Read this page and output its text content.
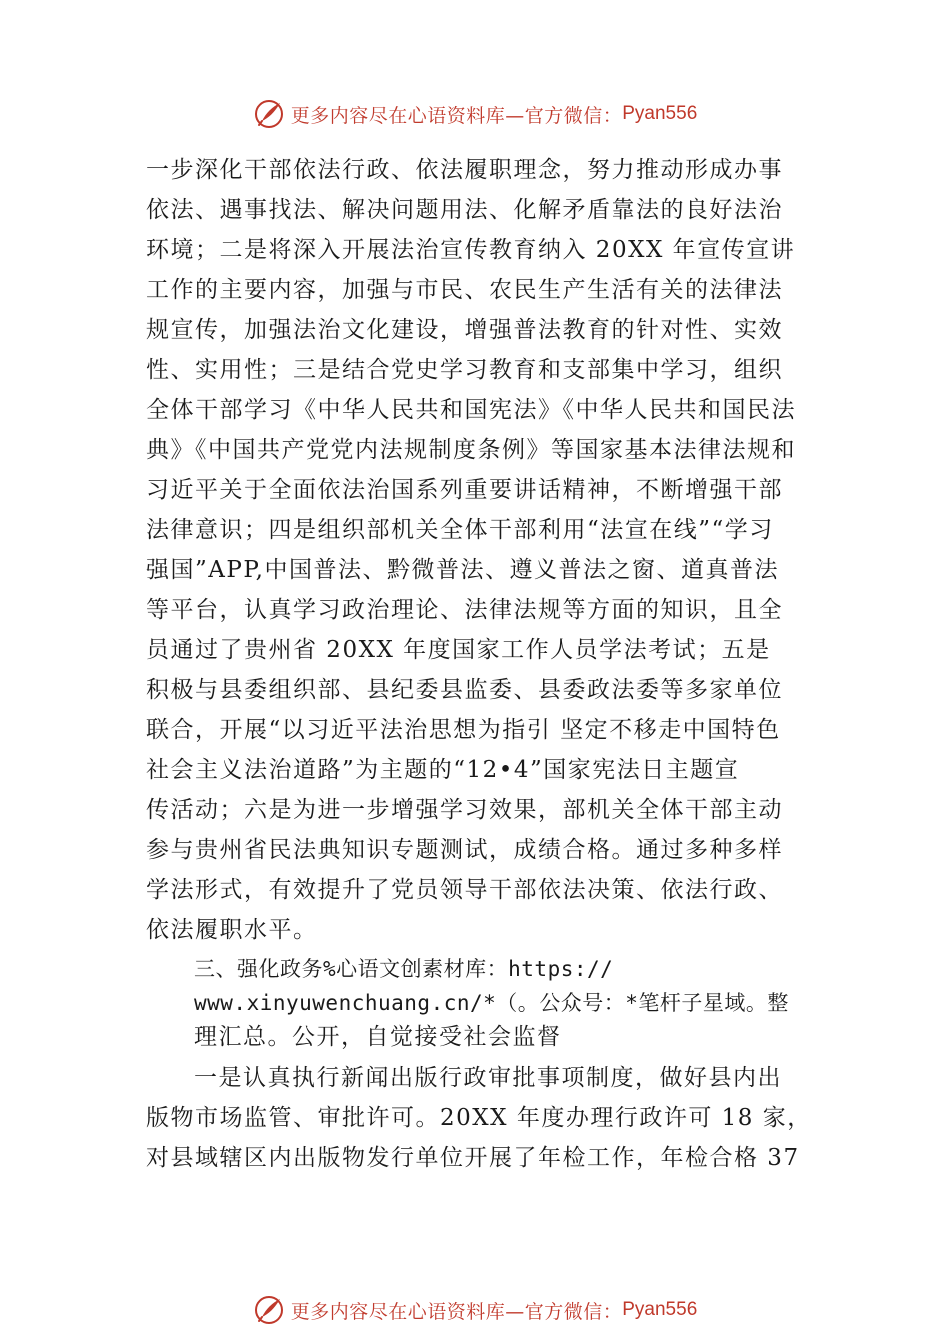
更多内容尽在心语资料库—官方微信： Pyan556
一步深化干部依法行政、依法履职理念，努力推动形成办事
依法、遇事找法、解决问题用法、化解矛盾靠法的良好法治
环境；二是将深入开展法治宣传教育纳入 20XX 年宣传宣讲
工作的主要内容，加强与市民、农民生产生活有关的法律法
规宣传，加强法治文化建设，增强普法教育的针对性、实效
性、实用性；三是结合党史学习教育和支部集中学习，组织
全体干部学习《中华人民共和国宪法》《中华人民共和国民法
典》《中国共产党党内法规制度条例》等国家基本法律法规和
习近平关于全面依法治国系列重要讲话精神，不断增强干部
法律意识；四是组织部机关全体干部利用“法宣在线”“学习
强国”APP,中国普法、黔微普法、遵义普法之窗、道真普法
等平台，认真学习政治理论、法律法规等方面的知识，且全
员通过了贵州省 20XX 年度国家工作人员学法考试；五是
积极与县委组织部、县纪委县监委、县委政法委等多家单位
联合，开展“以习近平法治思想为指引 坚定不移走中国特色
社会主义法治道路”为主题的“12•4”国家宪法日主题宣
传活动；六是为进一步增强学习效果，部机关全体干部主动
参与贵州省民法典知识专题测试，成绩合格。通过多种多样
学法形式，有效提升了党员领导干部依法决策、依法行政、
依法履职水平。
三、强化政务%心语文创素材库：https://
www.xinyuwenchuang.cn/*（。公众号：*笔杆子星域。整
理汇总。公开，自觉接受社会监督
一是认真执行新闻出版行政审批事项制度，做好县内出
版物市场监管、审批许可。20XX 年度办理行政许可 18 家，
对县域辖区内出版物发行单位开展了年检工作，年检合格 37
更多内容尽在心语资料库—官方微信： Pyan556
